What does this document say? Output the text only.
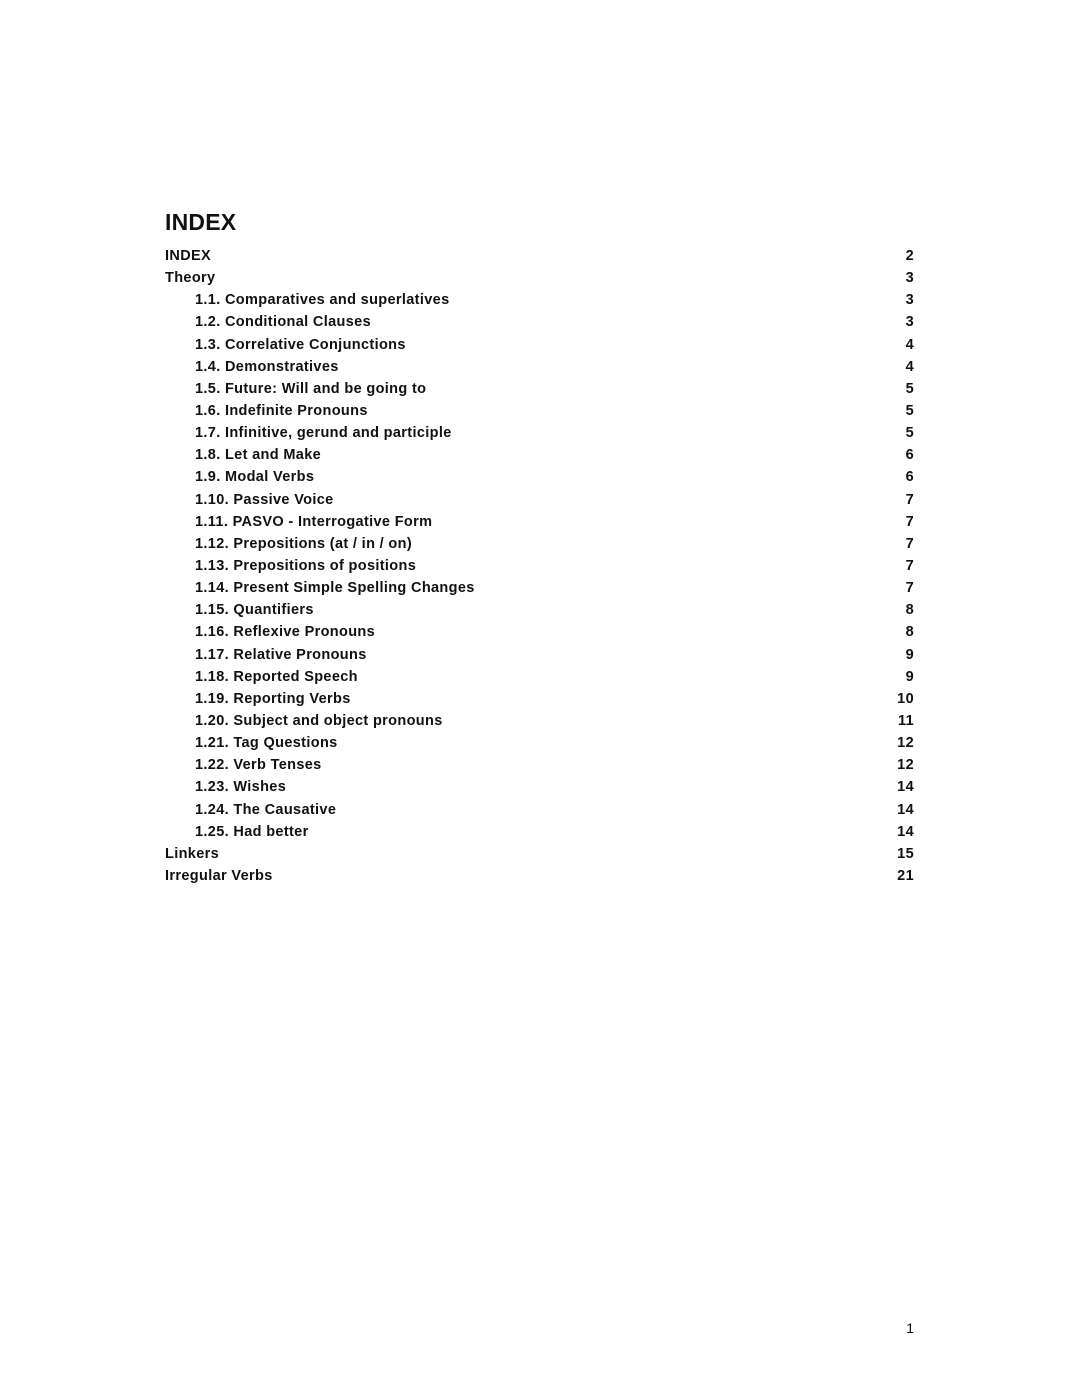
INDEX
INDEX	2
Theory	3
1.1. Comparatives and superlatives	3
1.2. Conditional Clauses	3
1.3. Correlative Conjunctions	4
1.4. Demonstratives	4
1.5. Future: Will and be going to	5
1.6. Indefinite Pronouns	5
1.7. Infinitive, gerund and participle	5
1.8. Let and Make	6
1.9. Modal Verbs	6
1.10. Passive Voice	7
1.11. PASVO - Interrogative Form	7
1.12. Prepositions (at / in / on)	7
1.13. Prepositions of positions	7
1.14. Present Simple Spelling Changes	7
1.15. Quantifiers	8
1.16. Reflexive Pronouns	8
1.17. Relative Pronouns	9
1.18. Reported Speech	9
1.19. Reporting Verbs	10
1.20. Subject and object pronouns	11
1.21. Tag Questions	12
1.22. Verb Tenses	12
1.23. Wishes	14
1.24. The Causative	14
1.25. Had better	14
Linkers	15
Irregular Verbs	21
1
